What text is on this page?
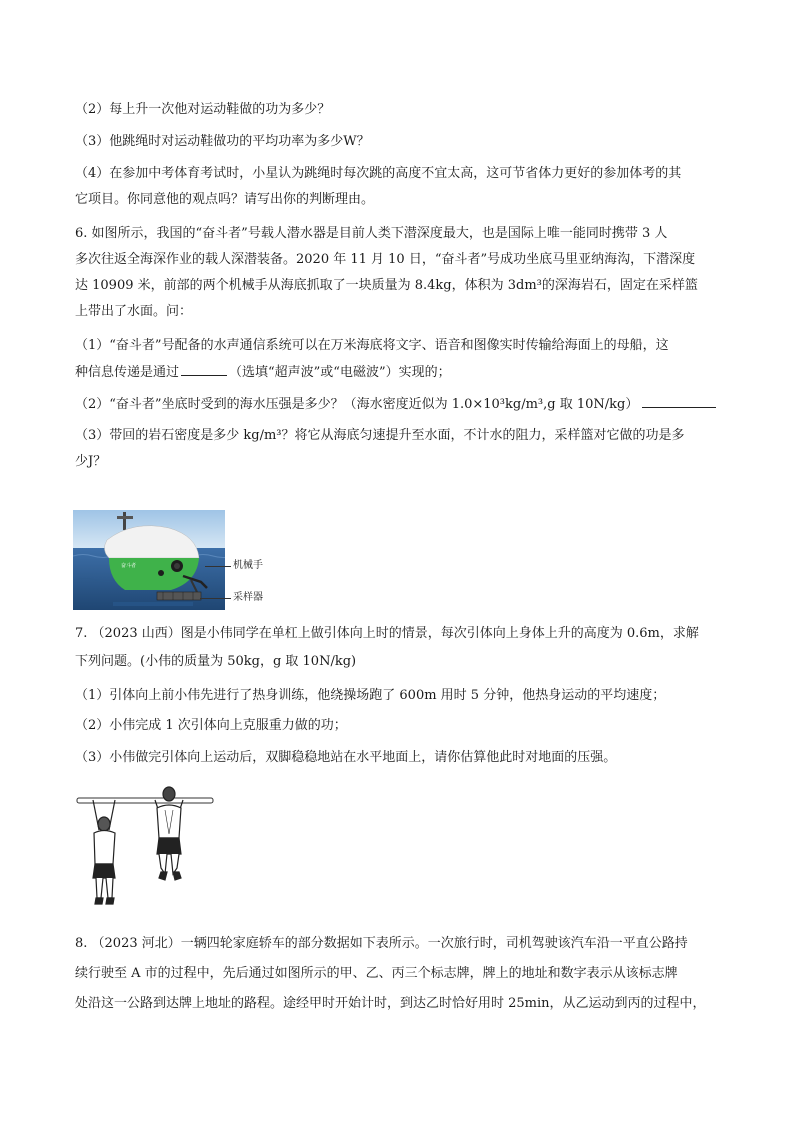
（2）每上升一次他对运动鞋做的功为多少？
（3）他跳绳时对运动鞋做功的平均功率为多少W？
（4）在参加中考体育考试时，小星认为跳绳时每次跳的高度不宜太高，这可节省体力更好的参加体考的其
它项目。你同意他的观点吗？请写出你的判断理由。
6. 如图所示，我国的“奋斗者”号载人潜水器是目前人类下潜深度最大，也是国际上唯一能同时携带 3 人
多次往返全海深作业的载人深潜装备。2020 年 11 月 10 日，“奋斗者”号成功坐底马里亚纳海沟，下潜深度
达 10909 米，前部的两个机械手从海底抓取了一块质量为 8.4kg，体积为 3dm³的深海岩石，固定在采样篮
上带出了水面。问：
（1）“奋斗者”号配备的水声通信系统可以在万米海底将文字、语音和图像实时传输给海面上的母船，这
种信息传递是通过	（选填“超声波”或“电磁波”）实现的；
（2）“奋斗者”坐底时受到的海水压强是多少？（海水密度近似为 1.0×10³kg/m³,g 取 10N/kg）
（3）带回的岩石密度是多少 kg/m³？将它从海底匀速提升至水面，不计水的阻力，采样篮对它做的功是多
少J？
奋斗者	机械手
采样器
7. （2023 山西）图是小伟同学在单杠上做引体向上时的情景，每次引体向上身体上升的高度为 0.6m，求解
下列问题。(小伟的质量为 50kg，g 取 10N/kg)
（1）引体向上前小伟先进行了热身训练，他绕操场跑了 600m 用时 5 分钟，他热身运动的平均速度；
（2）小伟完成 1 次引体向上克服重力做的功；
（3）小伟做完引体向上运动后，双脚稳稳地站在水平地面上，请你估算他此时对地面的压强。
8. （2023 河北）一辆四轮家庭轿车的部分数据如下表所示。一次旅行时，司机驾驶该汽车沿一平直公路持
续行驶至 A 市的过程中，先后通过如图所示的甲、乙、丙三个标志牌，牌上的地址和数字表示从该标志牌
处沿这一公路到达牌上地址的路程。途经甲时开始计时，到达乙时恰好用时 25min，从乙运动到丙的过程中，
